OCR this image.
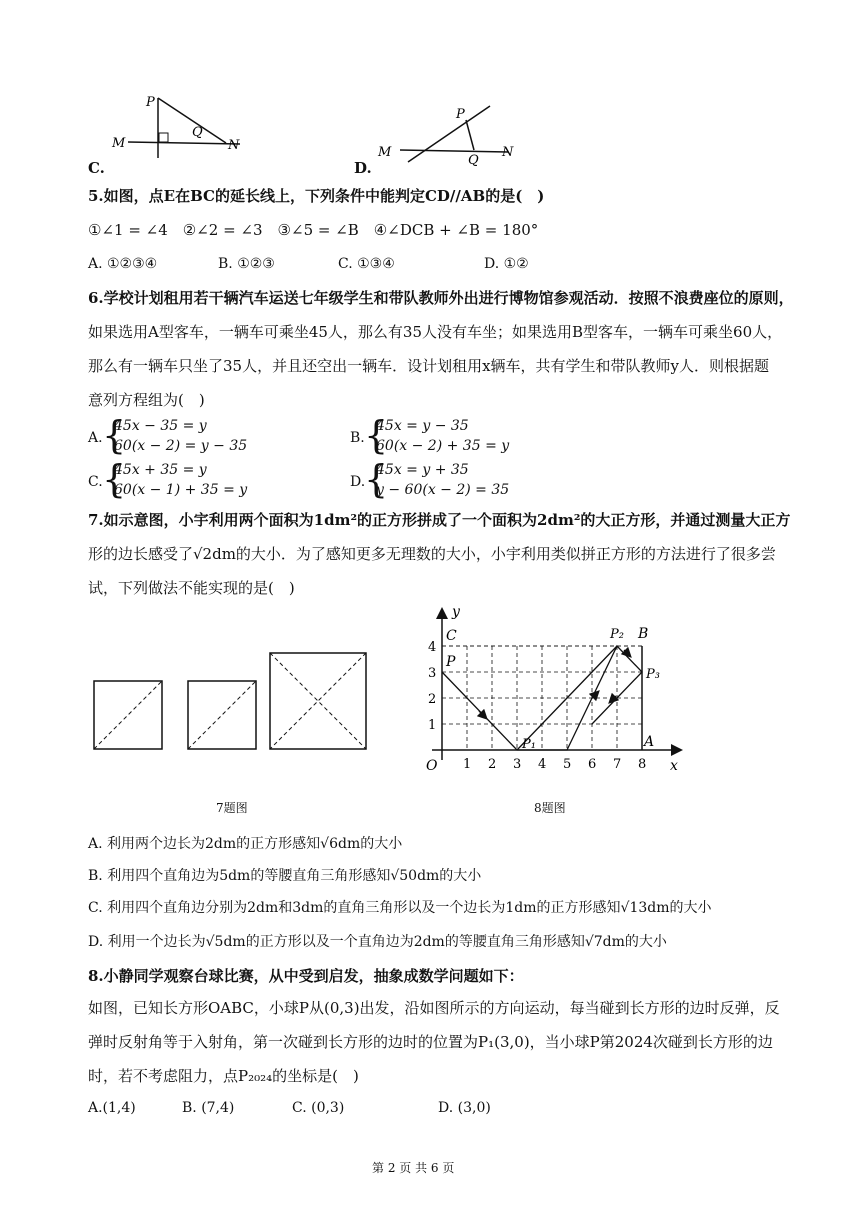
P
Q
M	N
C.
P
Q
M	N
D.
5.如图，点E在BC的延长线上，下列条件中能判定CD//AB的是(　)
①∠1 = ∠4　②∠2 = ∠3　③∠5 = ∠B　④∠DCB + ∠B = 180°
A. ①②③④	B. ①②③	C. ①③④	D. ①②
6.学校计划租用若干辆汽车运送七年级学生和带队教师外出进行博物馆参观活动．按照不浪费座位的原则，
如果选用A型客车，一辆车可乘坐45人，那么有35人没有车坐；如果选用B型客车，一辆车可乘坐60人，
那么有一辆车只坐了35人，并且还空出一辆车．设计划租用x辆车，共有学生和带队教师y人．则根据题
意列方程组为(　)
A. {
45x − 35 = y
60(x − 2) = y − 35	B. {
45x = y − 35
60(x − 2) + 35 = y
C. {
45x + 35 = y
60(x − 1) + 35 = y	D.
{
45x = y + 35
y − 60(x − 2) = 35
7.如示意图，小宇利用两个面积为1dm²的正方形拼成了一个面积为2dm²的大正方形，并通过测量大正方
形的边长感受了√2dm的大小．为了感知更多无理数的大小，小宇利用类似拼正方形的方法进行了很多尝
试，下列做法不能实现的是(　)
7题图
y
x
O
C
P
B
A
P₁
P₂
P₃
1 2 3 4 5 6 7 8
1
2
3
4
8题图
A. 利用两个边长为2dm的正方形感知√6dm的大小
B. 利用四个直角边为5dm的等腰直角三角形感知√50dm的大小
C. 利用四个直角边分别为2dm和3dm的直角三角形以及一个边长为1dm的正方形感知√13dm的大小
D. 利用一个边长为√5dm的正方形以及一个直角边为2dm的等腰直角三角形感知√7dm的大小
8.小静同学观察台球比赛，从中受到启发，抽象成数学问题如下：
如图，已知长方形OABC，小球P从(0,3)出发，沿如图所示的方向运动，每当碰到长方形的边时反弹，反
弹时反射角等于入射角，第一次碰到长方形的边时的位置为P₁(3,0)，当小球P第2024次碰到长方形的边
时，若不考虑阻力，点P₂₀₂₄的坐标是(　)
A.(1,4)	B. (7,4)	C. (0,3)	D. (3,0)
第 2 页 共 6 页
